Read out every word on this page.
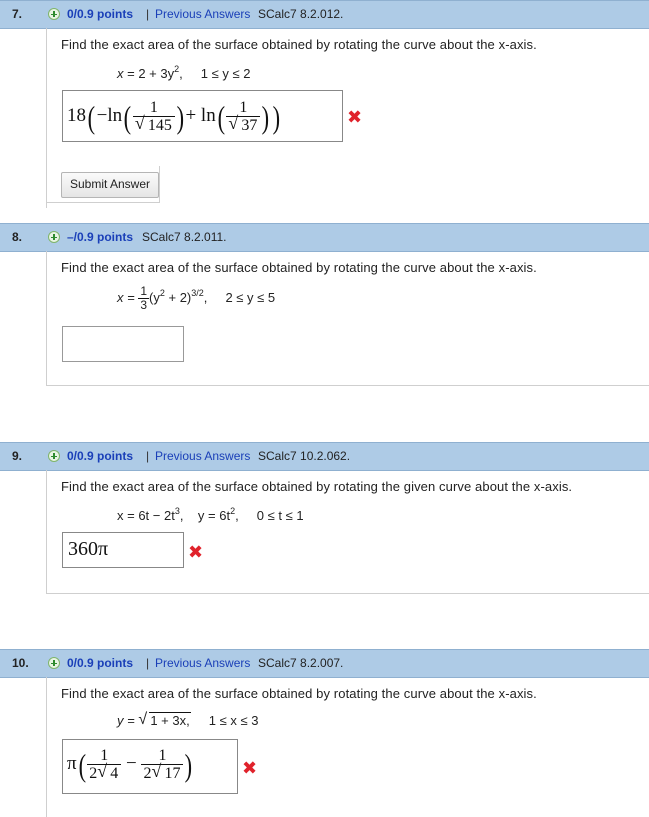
7.	0/0.9 points | Previous Answers SCalc7 8.2.012.
Find the exact area of the surface obtained by rotating the curve about the x-axis.
$x = 2 + 3y^2$,     1 ≤ y ≤ 2
$18(-\ln( \frac{1}{√ 145}$ )+ $\ln( \frac{1}{√ 37}$ ))	✖
Submit Answer
8.	–/0.9 points SCalc7 8.2.011.
Find the exact area of the surface obtained by rotating the curve about the x-axis.
$x = \frac{1}{3} (y^2 + 2)^{3/2}$,     2 ≤ y ≤ 5
9.	0/0.9 points | Previous Answers SCalc7 10.2.062.
Find the exact area of the surface obtained by rotating the given curve about the x-axis.
$x = 6t - 2t^3$,    $y = 6t^2$,     0 ≤ t ≤ 1
360π	✖
10.	0/0.9 points | Previous Answers SCalc7 8.2.007.
Find the exact area of the surface obtained by rotating the curve about the x-axis.
y = √ 1 + 3x, 1 ≤ x ≤ 3
$\pi( \frac{1}{2 √ 4} - \frac{1}{2 √ 17}$ )	✖
